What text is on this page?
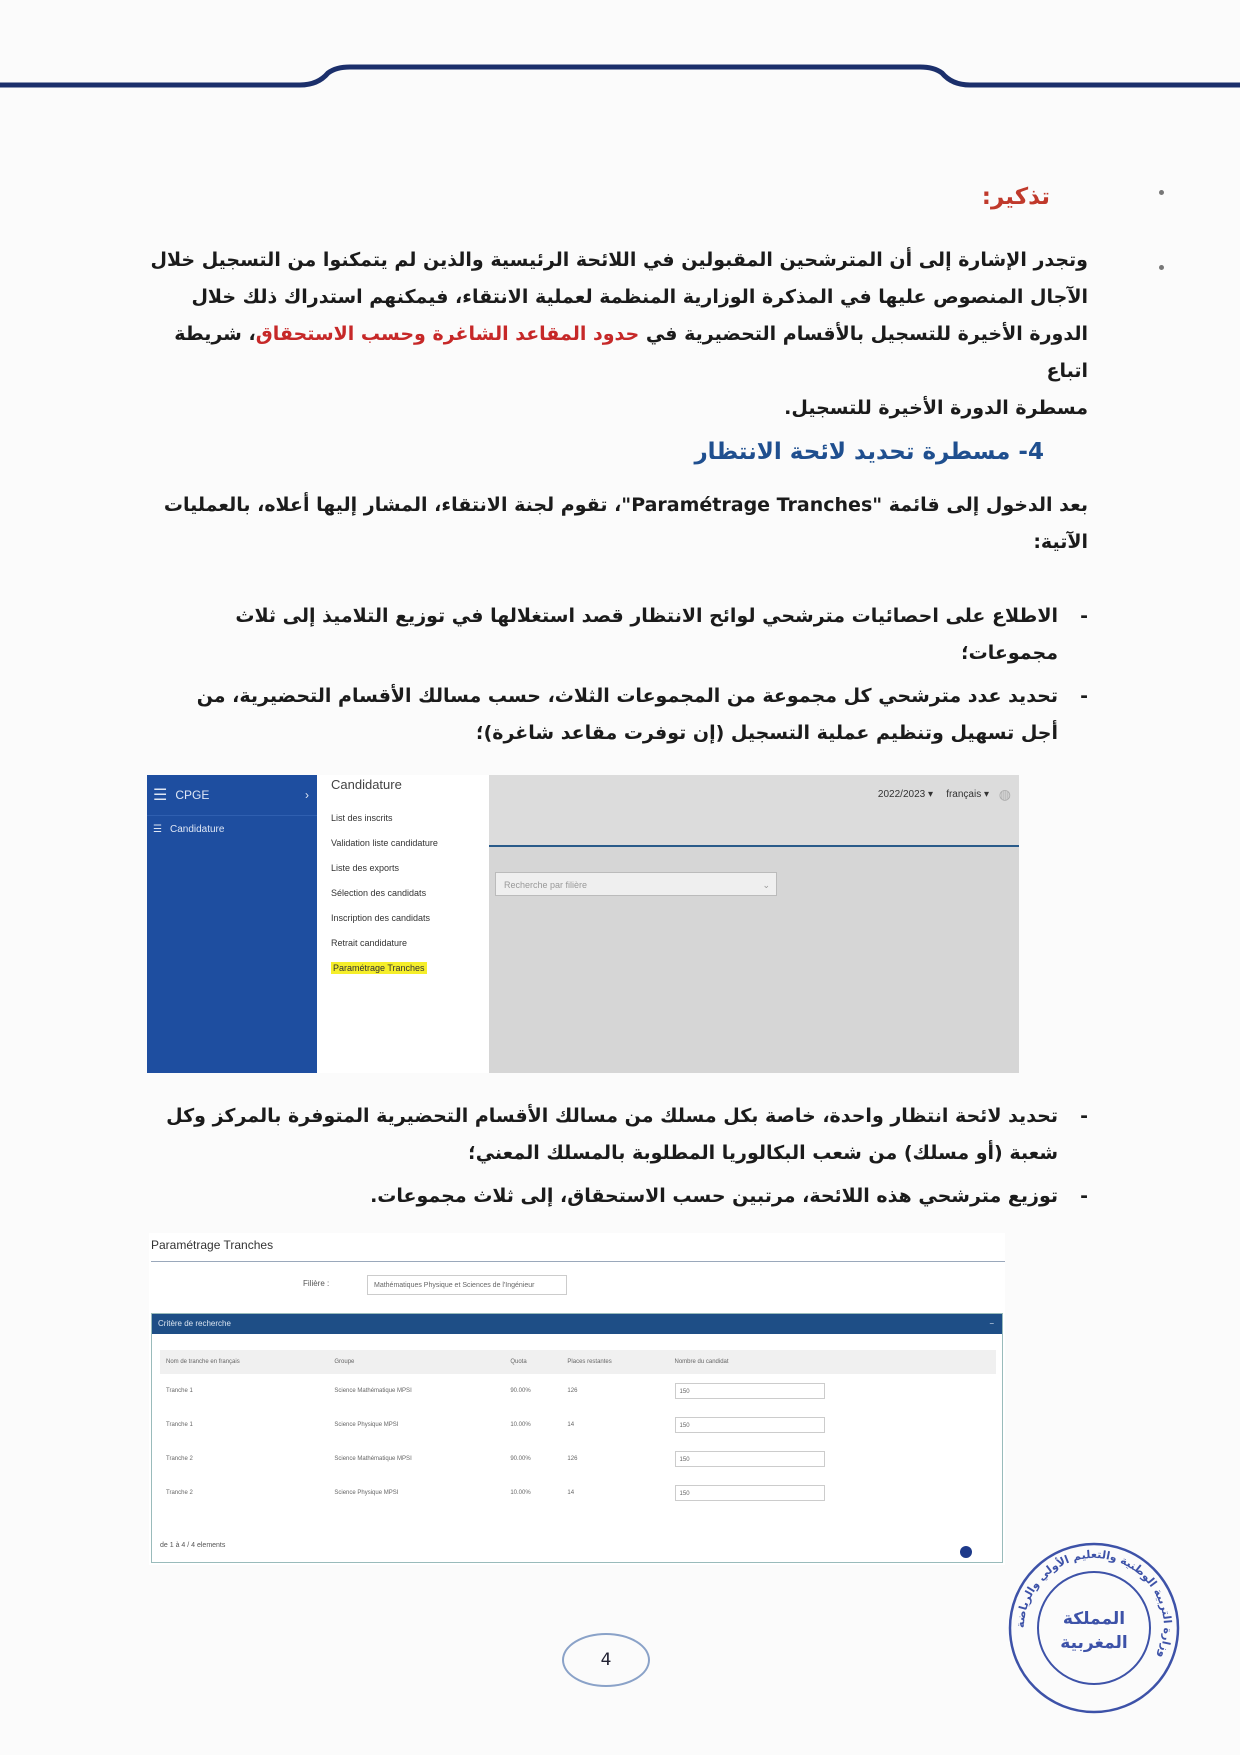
تذكير:
وتجدر الإشارة إلى أن المترشحين المقبولين في اللائحة الرئيسية والذين لم يتمكنوا من التسجيل خلال
الآجال المنصوص عليها في المذكرة الوزارية المنظمة لعملية الانتقاء، فيمكنهم استدراك ذلك خلال
الدورة الأخيرة للتسجيل بالأقسام التحضيرية في حدود المقاعد الشاغرة وحسب الاستحقاق، شريطة اتباع
مسطرة الدورة الأخيرة للتسجيل.
4- مسطرة تحديد لائحة الانتظار
بعد الدخول إلى قائمة "Paramétrage Tranches"، تقوم لجنة الانتقاء، المشار إليها أعلاه، بالعمليات
الآتية:
-
الاطلاع على احصائيات مترشحي لوائح الانتظار قصد استغلالها في توزيع التلاميذ إلى ثلاث مجموعات؛
-
تحديد عدد مترشحي كل مجموعة من المجموعات الثلاث، حسب مسالك الأقسام التحضيرية، من أجل تسهيل وتنظيم عملية التسجيل (إن توفرت مقاعد شاغرة)؛
☰ CPGE	›
☰ Candidature
Candidature
List des inscrits
Validation liste candidature
Liste des exports
Sélection des candidats
Inscription des candidats
Retrait candidature
Paramétrage Tranches
2022/2023 ▾ français ▾ ◍
Recherche par filière	⌄
-
تحديد لائحة انتظار واحدة، خاصة بكل مسلك من مسالك الأقسام التحضيرية المتوفرة بالمركز وكل شعبة (أو مسلك) من شعب البكالوريا المطلوبة بالمسلك المعني؛
-
توزيع مترشحي هذه اللائحة، مرتبين حسب الاستحقاق، إلى ثلاث مجموعات.
Paramétrage Tranches
Filière :	Mathématiques Physique et Sciences de l'Ingénieur
Critère de recherche	−
Nom de tranche en français	Groupe	Quota	Places restantes	Nombre du candidat
Tranche 1	Science Mathématique MPSI	90.00%	126	150
Tranche 1	Science Physique MPSI	10.00%	14	150
Tranche 2	Science Mathématique MPSI	90.00%	126	150
Tranche 2	Science Physique MPSI	10.00%	14	150
de 1 à 4 / 4 elements
4
وزارة التربية الوطنية والتعليم الأولي والرياضة
المملكة
المغربية
